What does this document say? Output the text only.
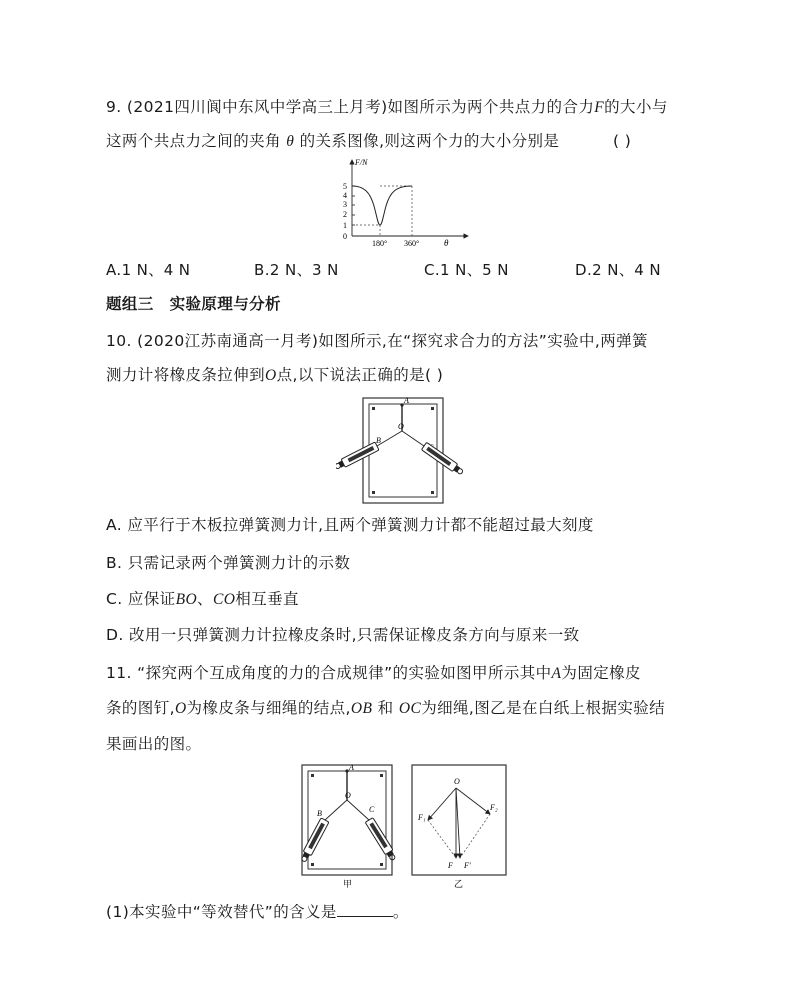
9. (2021四川阆中东风中学高三上月考)如图所示为两个共点力的合力F的大小与
这两个共点力之间的夹角 θ 的关系图像,则这两个力的大小分别是	( )
F/N
θ
5
4
3
2
1
0
180° 360°
A.1 N、4 N	B.2 N、3 N	C.1 N、5 N	D.2 N、4 N
题组三　实验原理与分析
10. (2020江苏南通高一月考)如图所示,在“探究求合力的方法”实验中,两弹簧
测力计将橡皮条拉伸到O点,以下说法正确的是( )
A
O
B
A. 应平行于木板拉弹簧测力计,且两个弹簧测力计都不能超过最大刻度
B. 只需记录两个弹簧测力计的示数
C. 应保证BO、CO相互垂直
D. 改用一只弹簧测力计拉橡皮条时,只需保证橡皮条方向与原来一致
11. “探究两个互成角度的力的合成规律”的实验如图甲所示其中A为固定橡皮
条的图钉,O为橡皮条与细绳的结点,OB 和 OC为细绳,图乙是在白纸上根据实验结
果画出的图。
A
O
B	C
甲
O
F₁
F₂
F F'
乙
(1)本实验中“等效替代”的含义是	。
